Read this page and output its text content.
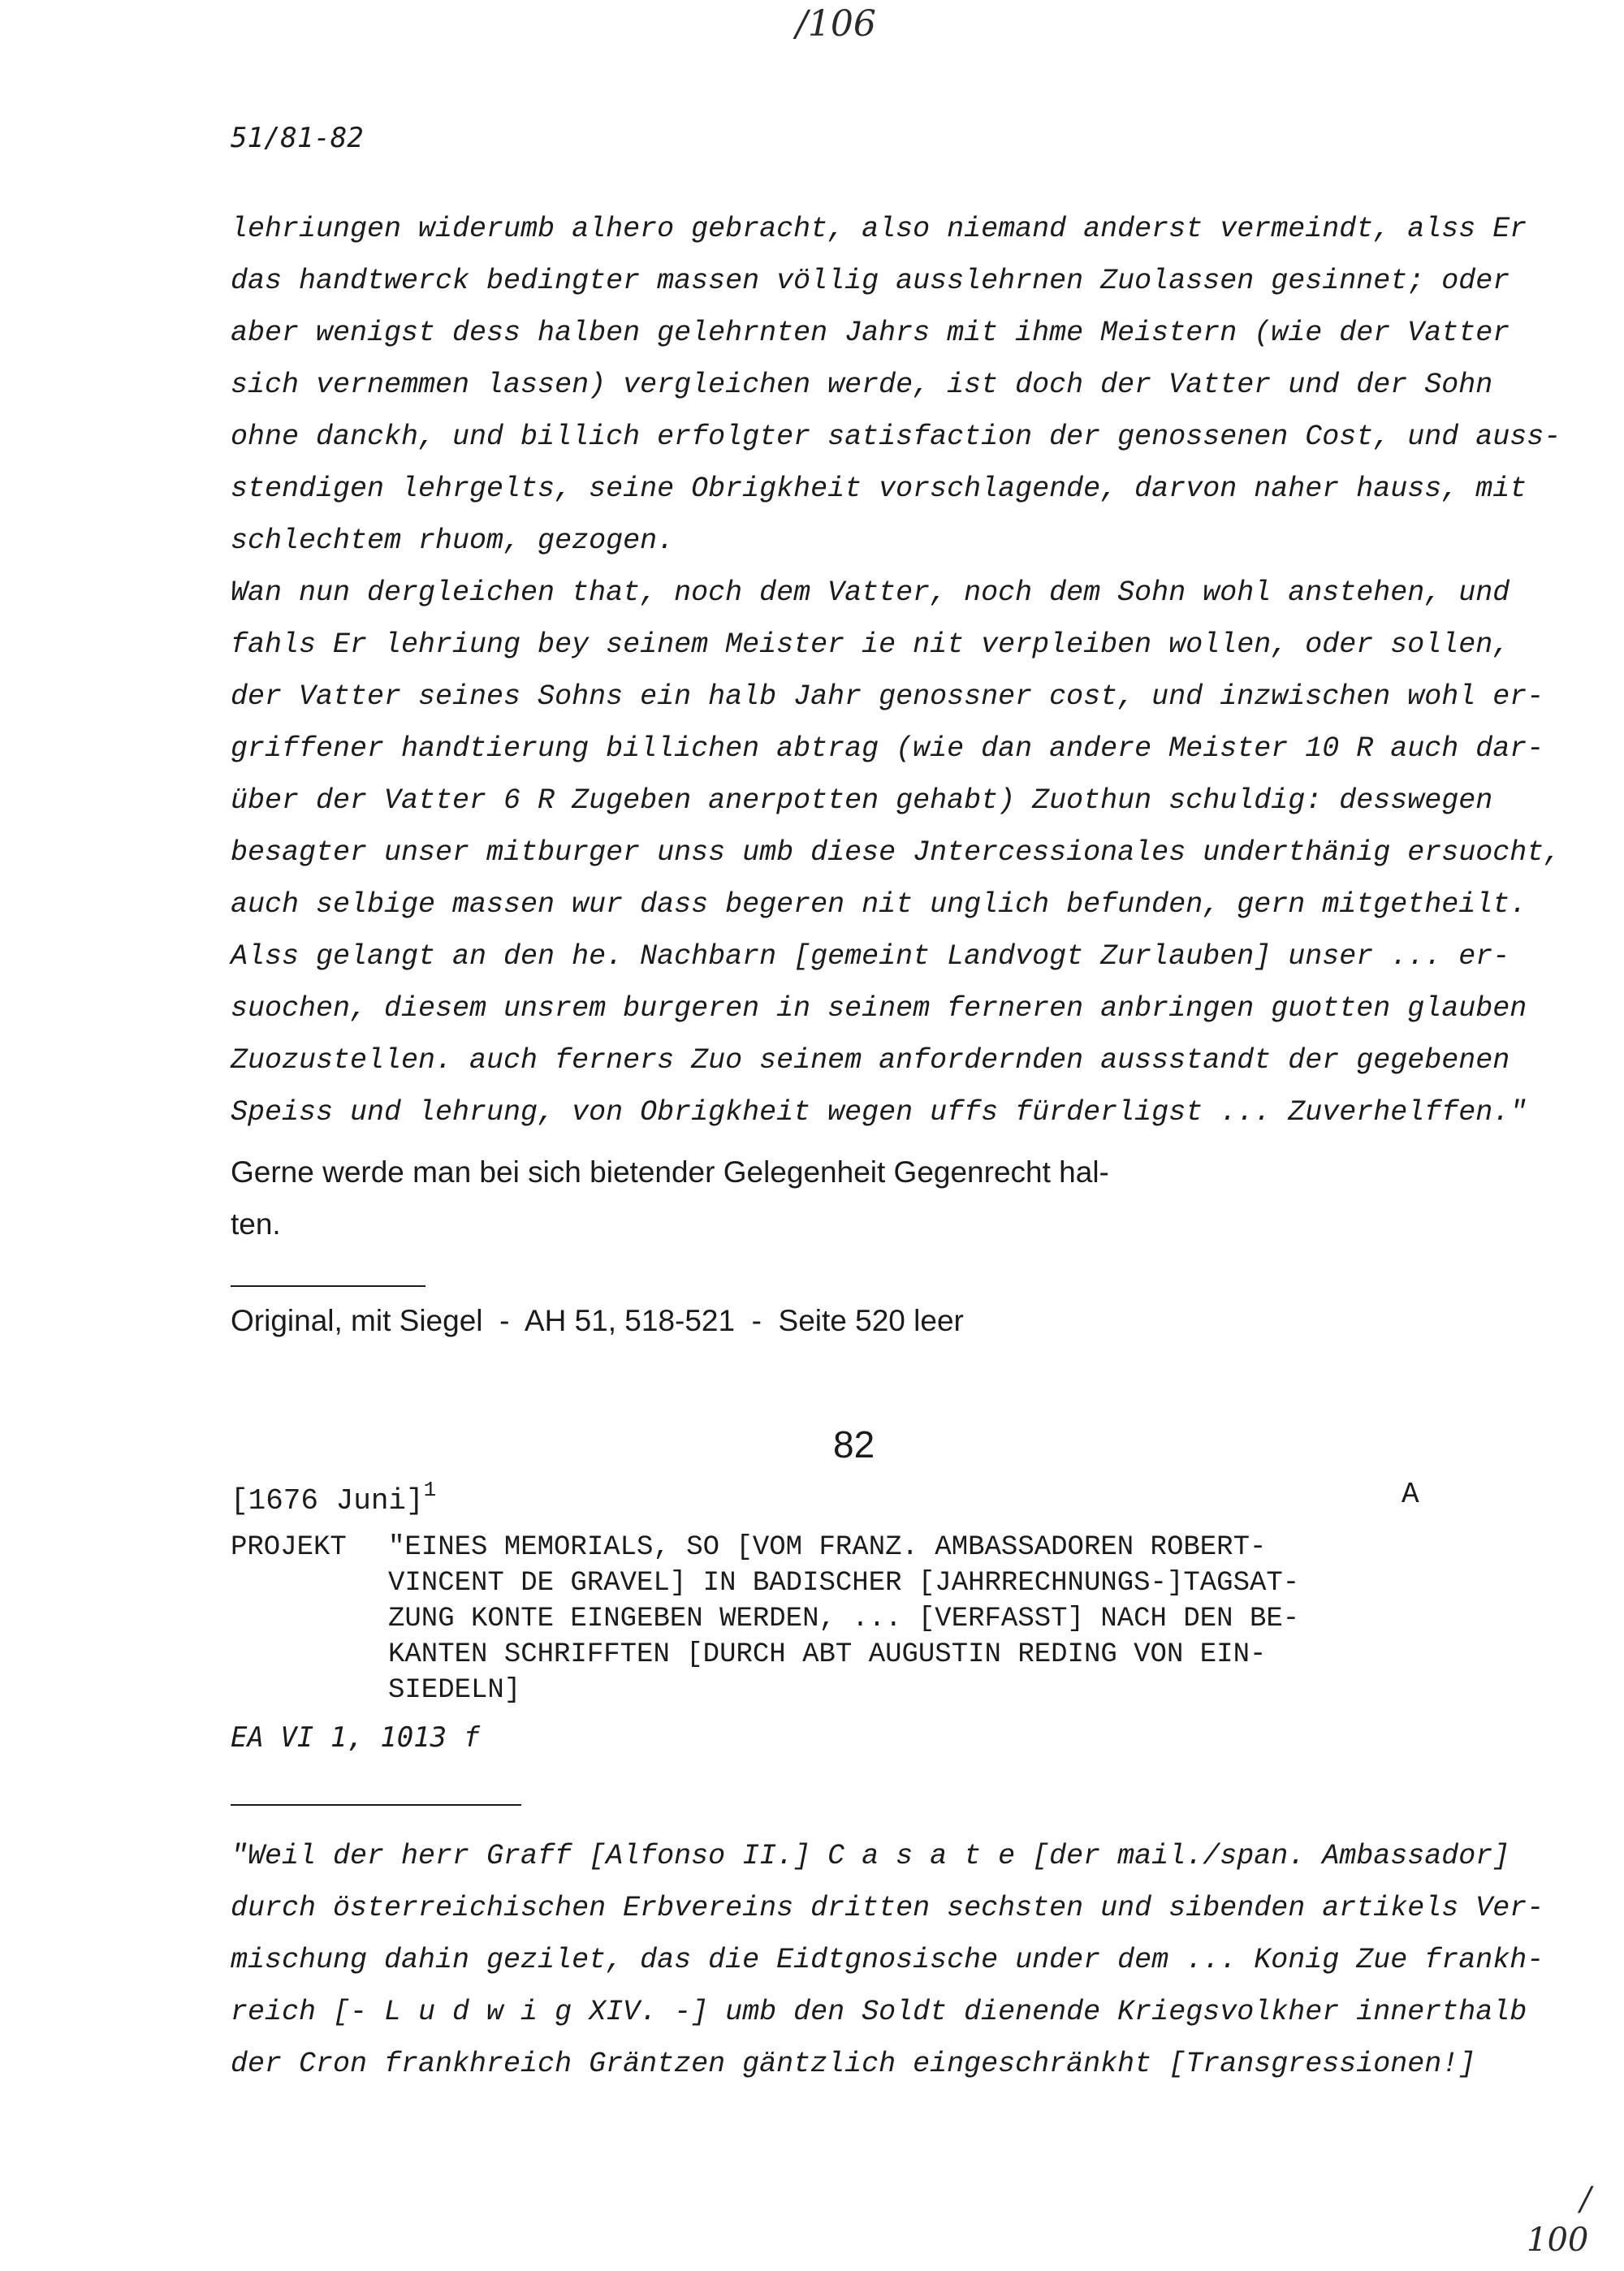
/106
51/81-82
lehriungen widerumb alhero gebracht, also niemand anderst vermeindt, alss Er
das handtwerck bedingter massen völlig ausslehrnen Zuolassen gesinnet; oder
aber wenigst dess halben gelehrnten Jahrs mit ihme Meistern (wie der Vatter
sich vernemmen lassen) vergleichen werde, ist doch der Vatter und der Sohn
ohne danckh, und billich erfolgter satisfaction der genossenen Cost, und auss-
stendigen lehrgelts, seine Obrigkheit vorschlagende, darvon naher hauss, mit
schlechtem rhuom, gezogen.
Wan nun dergleichen that, noch dem Vatter, noch dem Sohn wohl anstehen, und
fahls Er lehriung bey seinem Meister ie nit verpleiben wollen, oder sollen,
der Vatter seines Sohns ein halb Jahr genossner cost, und inzwischen wohl er-
griffener handtierung billichen abtrag (wie dan andere Meister 10 R auch dar-
über der Vatter 6 R Zugeben anerpotten gehabt) Zuothun schuldig: desswegen
besagter unser mitburger unss umb diese Jntercessionales underthänig ersuocht,
auch selbige massen wur dass begeren nit unglich befunden, gern mitgetheilt.
Alss gelangt an den he. Nachbarn [gemeint Landvogt Zurlauben] unser ... er-
suochen, diesem unsrem burgeren in seinem ferneren anbringen guotten glauben
Zuozustellen. auch ferners Zuo seinem anfordernden aussstandt der gegebenen
Speiss und lehrung, von Obrigkheit wegen uffs fürderligst ... Zuverhelffen."
Gerne werde man bei sich bietender Gelegenheit Gegenrecht hal-
ten.
Original, mit Siegel  -  AH 51, 518-521  -  Seite 520 leer
82
[1676 Juni]$^1$	A
PROJEKT "EINES MEMORIALS, SO [VOM FRANZ. AMBASSADOREN ROBERT-
VINCENT DE GRAVEL] IN BADISCHER [JAHRRECHNUNGS-]TAGSAT-
ZUNG KONTE EINGEBEN WERDEN, ... [VERFASST] NACH DEN BE-
KANTEN SCHRIFFTEN [DURCH ABT AUGUSTIN REDING VON EIN-
SIEDELN]
EA VI 1, 1013 f
"Weil der herr Graff [Alfonso II.] C a s a t e [der mail./span. Ambassador]
durch österreichischen Erbvereins dritten sechsten und sibenden artikels Ver-
mischung dahin gezilet, das die Eidtgnosische under dem ... Konig Zue frankh-
reich [- L u d w i g XIV. -] umb den Soldt dienende Kriegsvolkher innerthalb
der Cron frankhreich Gräntzen gäntzlich eingeschränkht [Transgressionen!]
/
100
